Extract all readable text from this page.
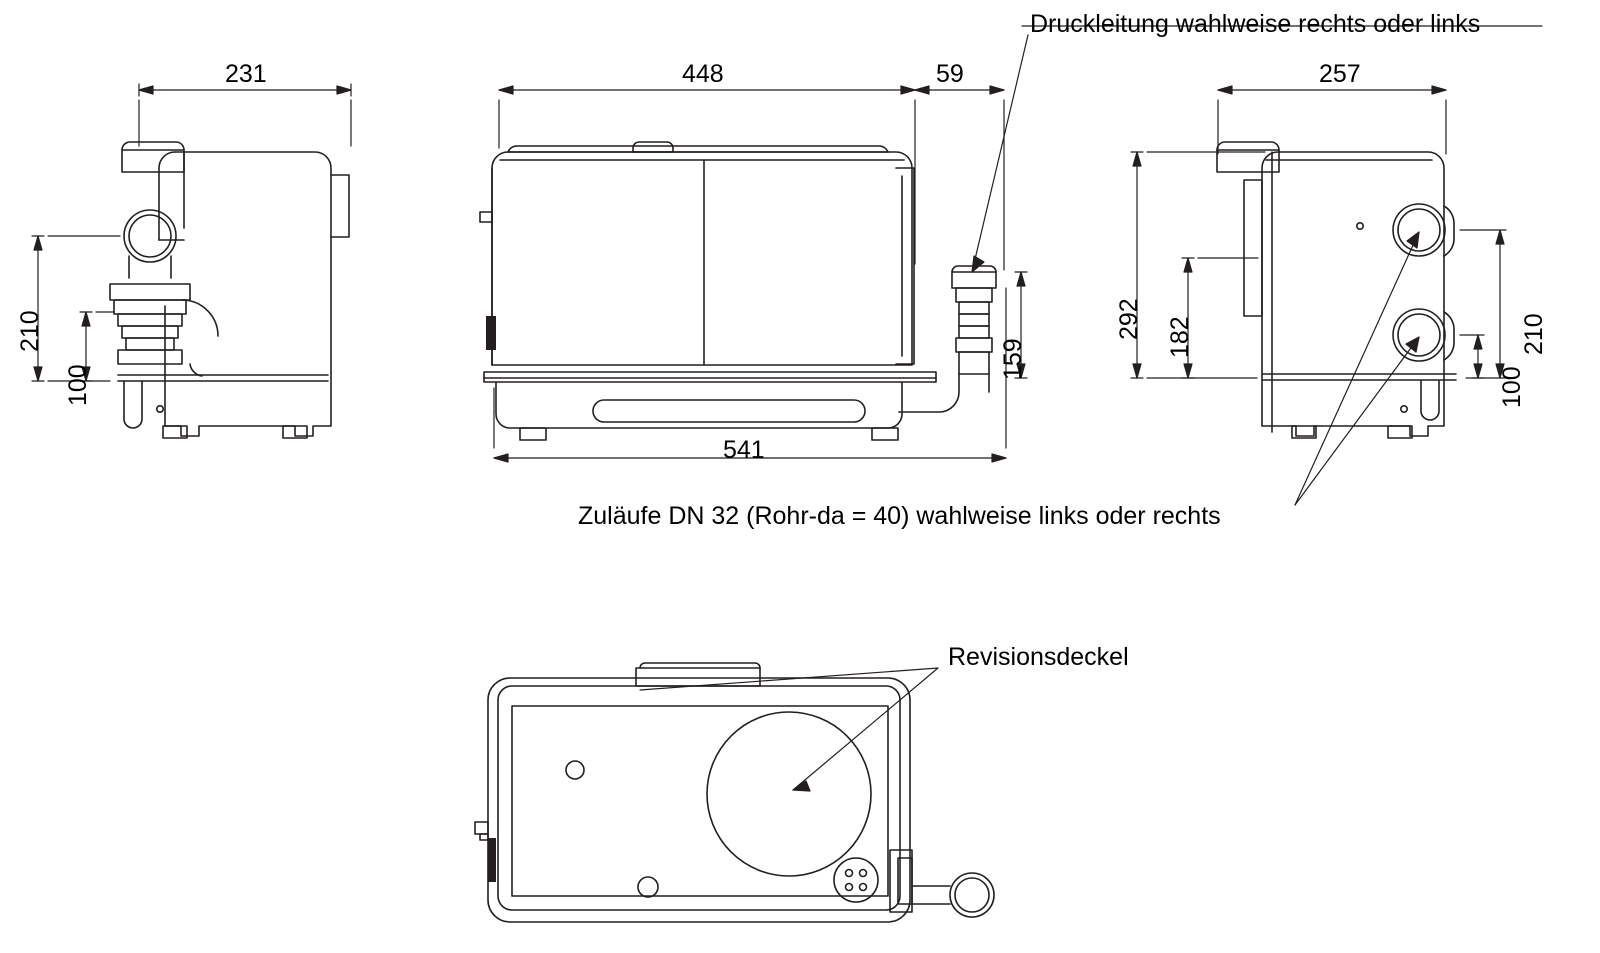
231
210
100
448	59
541
159
257
292 182	210
100
Druckleitung wahlweise rechts oder links
Zuläufe DN 32 (Rohr-da = 40) wahlweise links oder rechts
Revisionsdeckel
